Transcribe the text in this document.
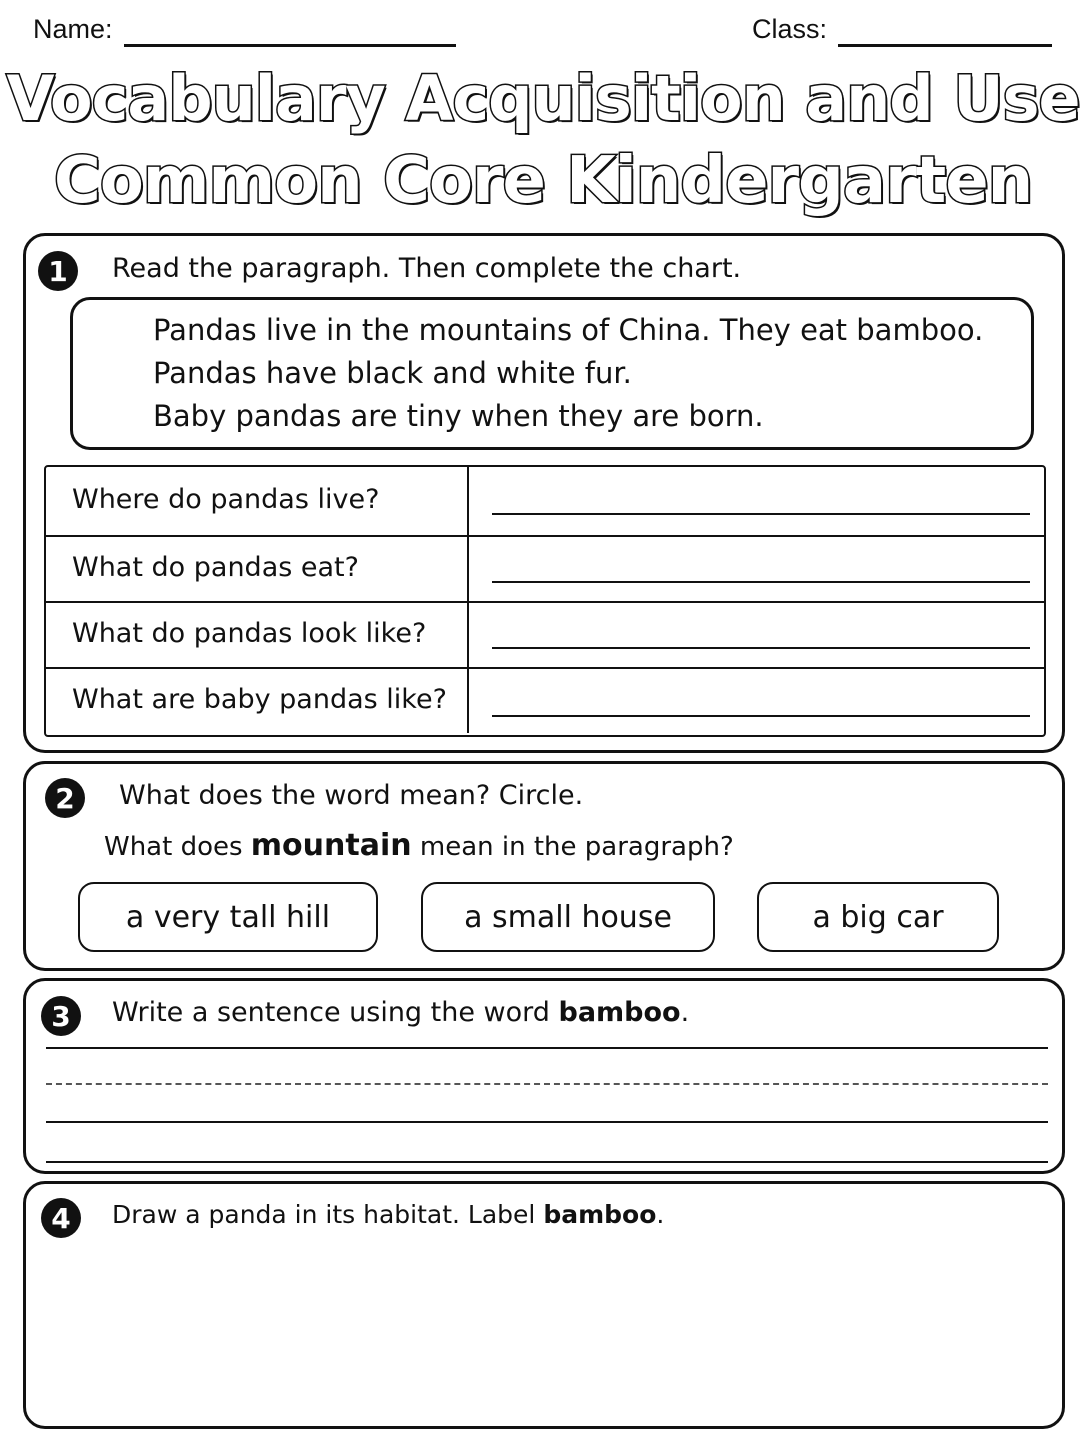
Name:	Class:
Vocabulary Acquisition and Use
Common Core Kindergarten
1	Read the paragraph. Then complete the chart.
Pandas live in the mountains of China. They eat bamboo.
Pandas have black and white fur.
Baby pandas are tiny when they are born.
Where do pandas live?
What do pandas eat?
What do pandas look like?
What are baby pandas like?
2	What does the word mean? Circle.
What does mountain mean in the paragraph?
a very tall hill	a small house	a big car
3	Write a sentence using the word bamboo.
4	Draw a panda in its habitat. Label bamboo.
